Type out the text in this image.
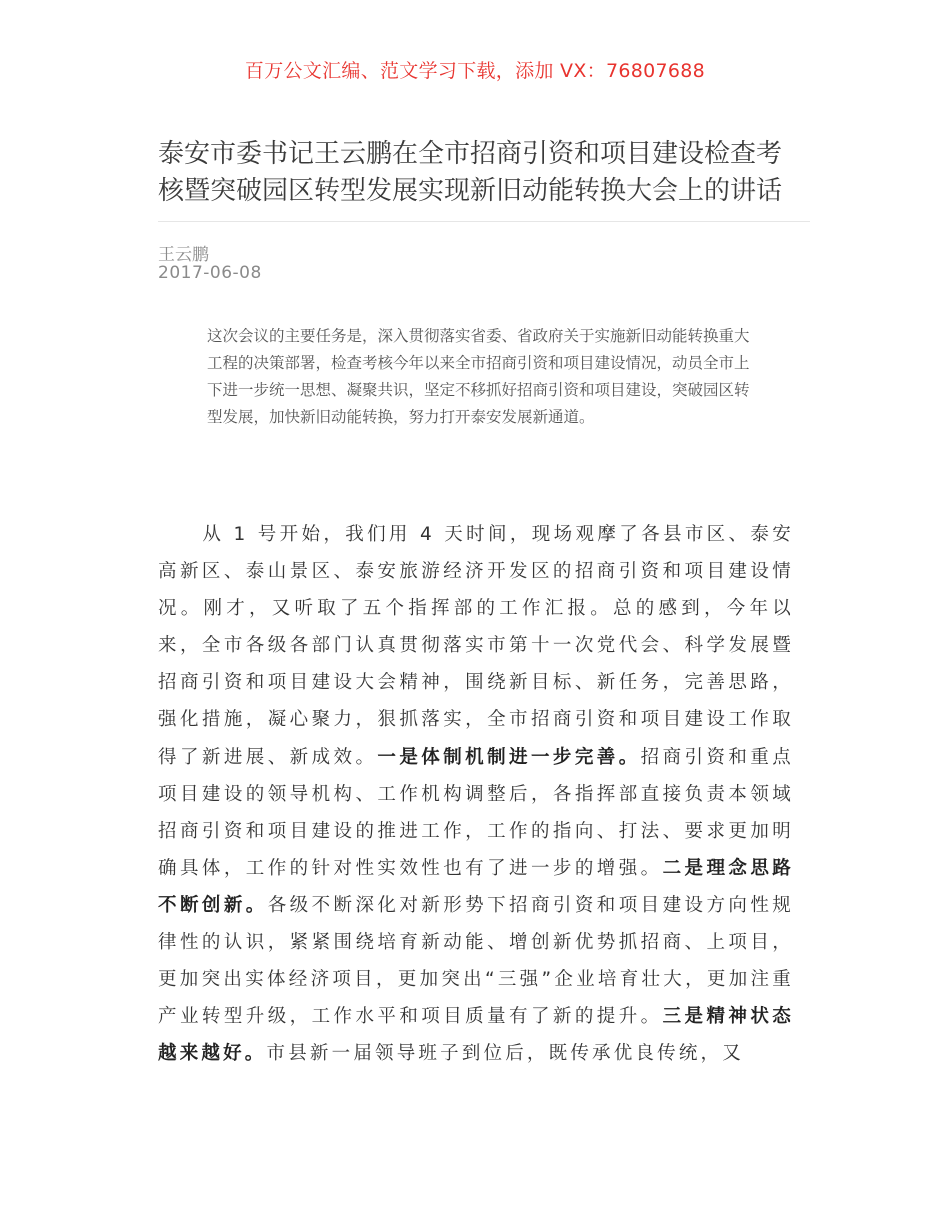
百万公文汇编、范文学习下载，添加 VX：76807688
泰安市委书记王云鹏在全市招商引资和项目建设检查考核暨突破园区转型发展实现新旧动能转换大会上的讲话
王云鹏
2017-06-08

这次会议的主要任务是，深入贯彻落实省委、省政府关于实施新旧动能转换重大工程的决策部署，检查考核今年以来全市招商引资和项目建设情况，动员全市上下进一步统一思想、凝聚共识，坚定不移抓好招商引资和项目建设，突破园区转型发展，加快新旧动能转换，努力打开泰安发展新通道。

从 1 号开始，我们用 4 天时间，现场观摩了各县市区、泰安高新区、泰山景区、泰安旅游经济开发区的招商引资和项目建设情况。刚才，又听取了五个指挥部的工作汇报。总的感到，今年以来，全市各级各部门认真贯彻落实市第十一次党代会、科学发展暨招商引资和项目建设大会精神，围绕新目标、新任务，完善思路，强化措施，凝心聚力，狠抓落实，全市招商引资和项目建设工作取得了新进展、新成效。一是体制机制进一步完善。招商引资和重点项目建设的领导机构、工作机构调整后，各指挥部直接负责本领域招商引资和项目建设的推进工作，工作的指向、打法、要求更加明确具体，工作的针对性实效性也有了进一步的增强。二是理念思路不断创新。各级不断深化对新形势下招商引资和项目建设方向性规律性的认识，紧紧围绕培育新动能、增创新优势抓招商、上项目，更加突出实体经济项目，更加突出“三强”企业培育壮大，更加注重产业转型升级，工作水平和项目质量有了新的提升。三是精神状态越来越好。市县新一届领导班子到位后，既传承优良传统，又
